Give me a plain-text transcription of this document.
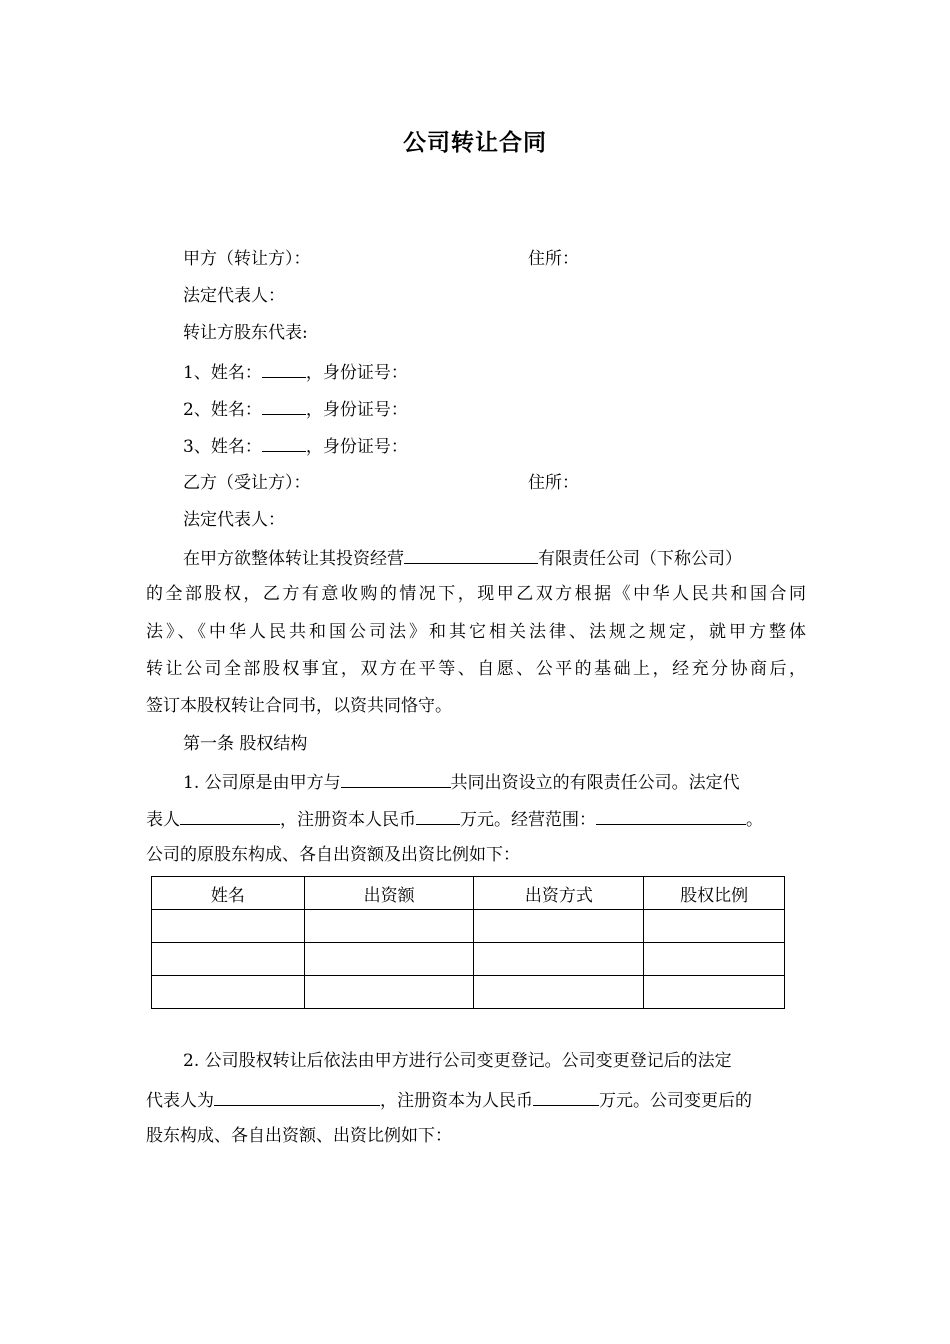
公司转让合同
甲方（转让方）：	住所：
法定代表人：
转让方股东代表:
1、姓名：	，身份证号：
2、姓名：	，身份证号：
3、姓名：	，身份证号：
乙方（受让方）：	住所：
法定代表人：
在甲方欲整体转让其投资经营	有限责任公司（下称公司）
的全部股权，乙方有意收购的情况下，现甲乙双方根据《中华人民共和国合同
法》、《中华人民共和国公司法》和其它相关法律、法规之规定，就甲方整体
转让公司全部股权事宜，双方在平等、自愿、公平的基础上，经充分协商后，
签订本股权转让合同书，以资共同恪守。
第一条 股权结构
1. 公司原是由甲方与	共同出资设立的有限责任公司。法定代
表人	，注册资本人民币	万元。经营范围：	。
公司的原股东构成、各自出资额及出资比例如下：
姓名	出资额	出资方式	股权比例

2. 公司股权转让后依法由甲方进行公司变更登记。公司变更登记后的法定
代表人为	，注册资本为人民币	万元。公司变更后的
股东构成、各自出资额、出资比例如下：
